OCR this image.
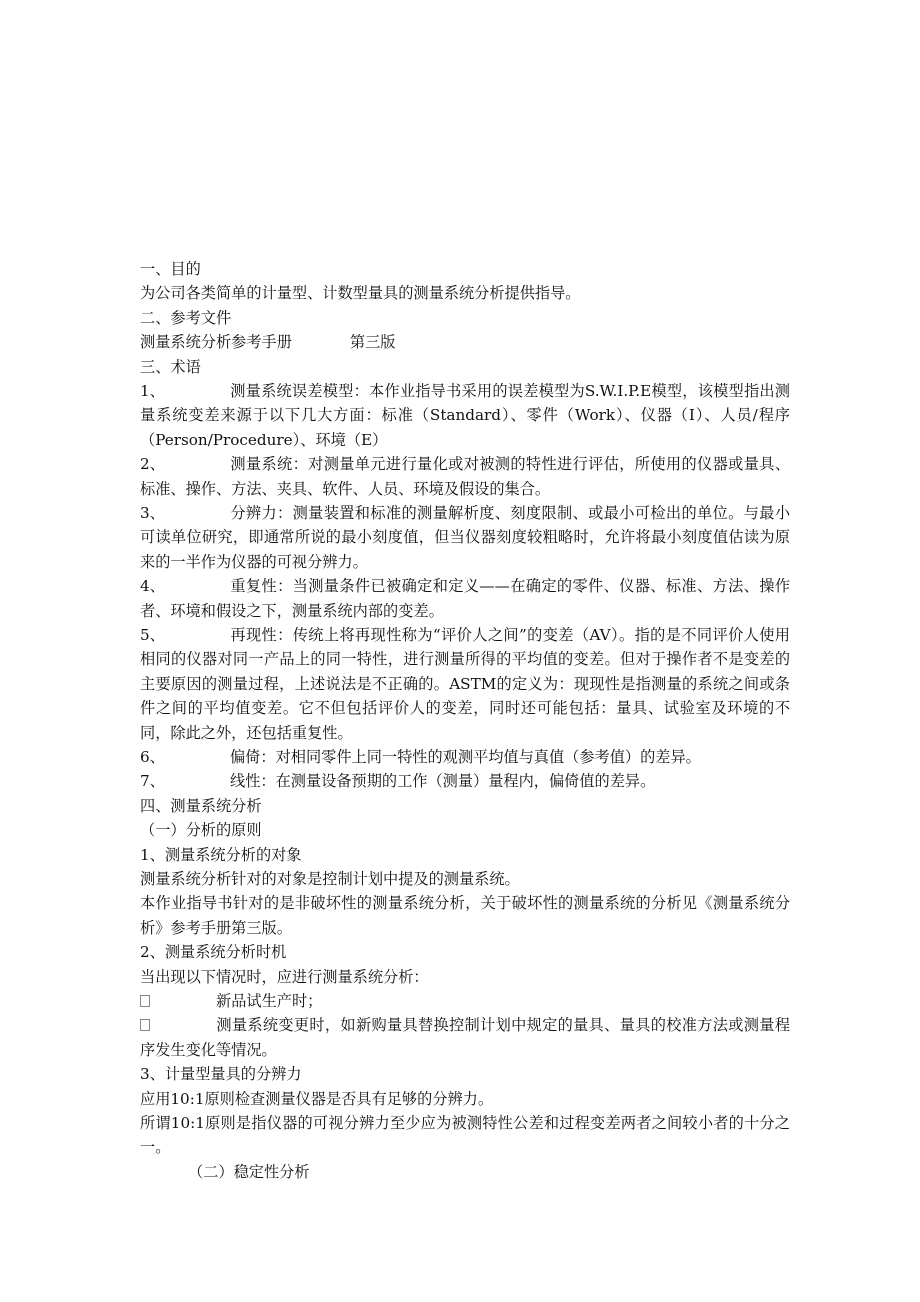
一、目的
为公司各类简单的计量型、计数型量具的测量系统分析提供指导。
二、参考文件
测量系统分析参考手册	第三版
三、术语
1、	测量系统误差模型：本作业指导书采用的误差模型为S.W.I.P.E模型，该模型指出测量系统变差来源于以下几大方面：标准（Standard）、零件（Work）、仪器（I）、人员/程序（Person/Procedure）、环境（E）
2、	测量系统：对测量单元进行量化或对被测的特性进行评估，所使用的仪器或量具、标准、操作、方法、夹具、软件、人员、环境及假设的集合。
3、	分辨力：测量装置和标准的测量解析度、刻度限制、或最小可检出的单位。与最小可读单位研究，即通常所说的最小刻度值，但当仪器刻度较粗略时，允许将最小刻度值估读为原来的一半作为仪器的可视分辨力。
4、	重复性：当测量条件已被确定和定义——在确定的零件、仪器、标准、方法、操作者、环境和假设之下，测量系统内部的变差。
5、	再现性：传统上将再现性称为“评价人之间”的变差（AV）。指的是不同评价人使用相同的仪器对同一产品上的同一特性，进行测量所得的平均值的变差。但对于操作者不是变差的主要原因的测量过程，上述说法是不正确的。ASTM的定义为：现现性是指测量的系统之间或条件之间的平均值变差。它不但包括评价人的变差，同时还可能包括：量具、试验室及环境的不同，除此之外，还包括重复性。
6、	偏倚：对相同零件上同一特性的观测平均值与真值（参考值）的差异。
7、	线性：在测量设备预期的工作（测量）量程内，偏倚值的差异。
四、测量系统分析
（一）分析的原则
1、测量系统分析的对象
测量系统分析针对的对象是控制计划中提及的测量系统。
本作业指导书针对的是非破坏性的测量系统分析，关于破坏性的测量系统的分析见《测量系统分析》参考手册第三版。
2、测量系统分析时机
当出现以下情况时，应进行测量系统分析：
新品试生产时；
测量系统变更时，如新购量具替换控制计划中规定的量具、量具的校准方法或测量程序发生变化等情况。
3、计量型量具的分辨力
应用10:1原则检查测量仪器是否具有足够的分辨力。
所谓10:1原则是指仪器的可视分辨力至少应为被测特性公差和过程变差两者之间较小者的十分之一。
（二）稳定性分析
